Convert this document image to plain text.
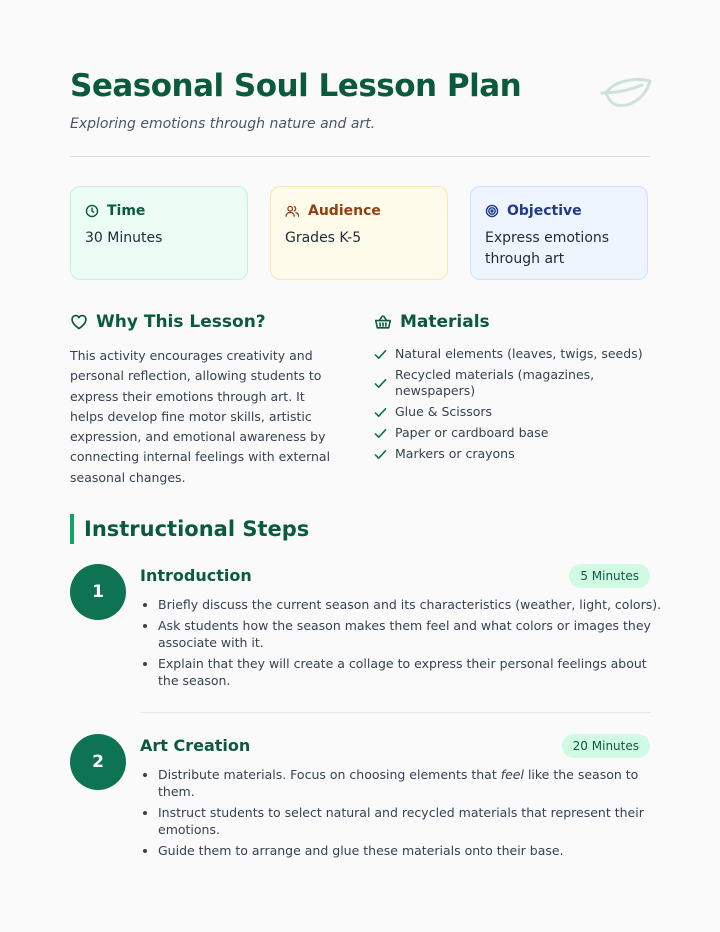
Seasonal Soul Lesson Plan

Exploring emotions through nature and art.

Time
30 Minutes
Audience
Grades K-5
Objective
Express emotions through art
Why This Lesson?

This activity encourages creativity and personal reflection, allowing students to express their emotions through art. It helps develop fine motor skills, artistic expression, and emotional awareness by connecting internal feelings with external seasonal changes.

Materials
Natural elements (leaves, twigs, seeds)
Recycled materials (magazines, newspapers)
Glue & Scissors
Paper or cardboard base
Markers or crayons
Instructional Steps
1
Introduction	5 Minutes
• Briefly discuss the current season and its characteristics (weather, light, colors).
• Ask students how the season makes them feel and what colors or images they associate with it.
• Explain that they will create a collage to express their personal feelings about the season.
2
Art Creation	20 Minutes
• Distribute materials. Focus on choosing elements that feel like the season to them.
• Instruct students to select natural and recycled materials that represent their emotions.
• Guide them to arrange and glue these materials onto their base.
